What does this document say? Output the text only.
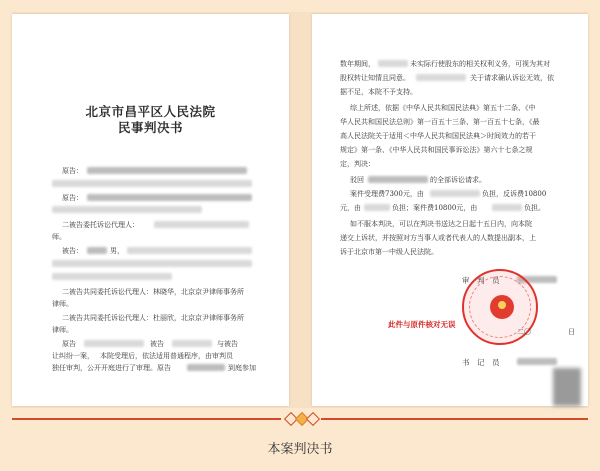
北京市昌平区人民法院
民事判决书
原告：
原告：
二被告委托诉讼代理人：
师。
被告：	男，
二被告共同委托诉讼代理人：林晓华，北京京尹律师事务所
律师。
二被告共同委托诉讼代理人：杜丽欣，北京京尹律师事务所
律师。
原告	被告	与被告
让纠纷一案， 本院受理后，依法适用普通程序，由审判员
独任审判，公开开庭进行了审理。原告	到庭参加
数年期间，	未实际行使股东的相关权利义务，可视为其对
股权转让知情且同意。	关于请求确认诉讼无效，依
据不足，本院不予支持。
综上所述，依据《中华人民共和国民法典》第五十二条、《中
华人民共和国民法总则》第一百五十三条、第一百五十七条，《最
高人民法院关于适用＜中华人民共和国民法典＞时间效力的若干
规定》第一条、《中华人民共和国民事诉讼法》第六十七条之规
定，判决：
驳回	的全部诉讼请求。
案件受理费7300元，由	负担，反诉费10800
元，由	负担；案件费10800元，由	负担。
如不服本判决，可以在判决书送达之日起十五日内，向本院
递交上诉状，并按照对方当事人或者代表人的人数提出副本，上
诉于北京市第一中级人民法院。
审　判　员
此件与原件核对无误
二〇	日
书　记　员
本案判决书
